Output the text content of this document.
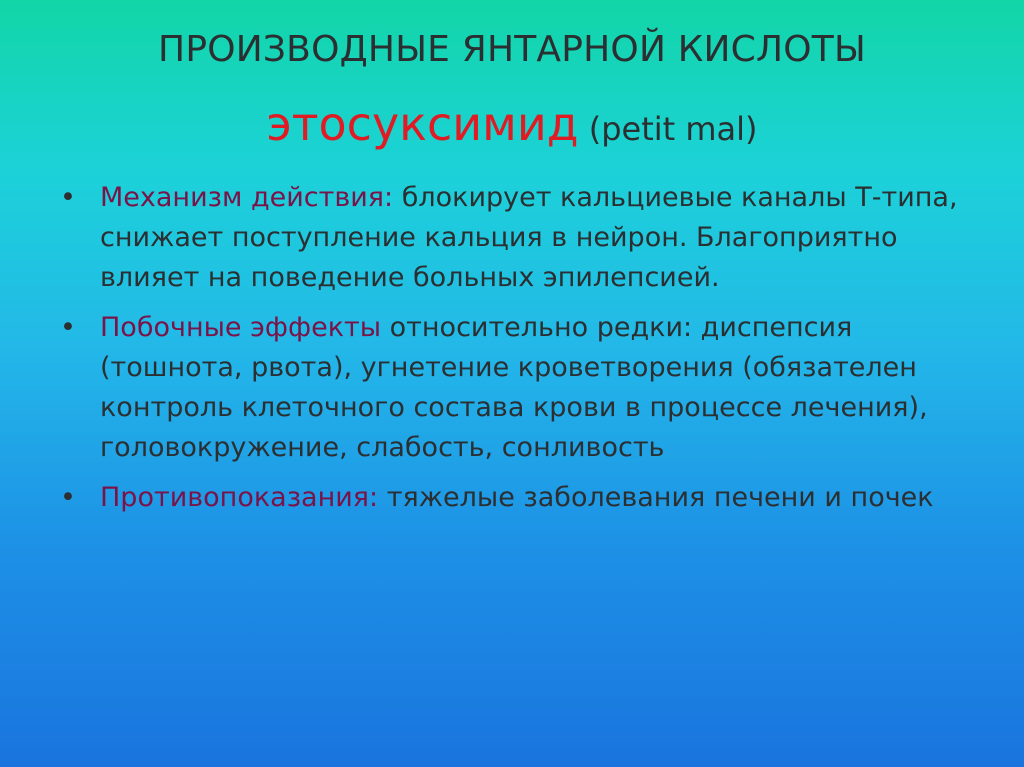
ПРОИЗВОДНЫЕ ЯНТАРНОЙ КИСЛОТЫ
этосуксимид (petit mal)
• Механизм действия: блокирует кальциевые каналы Т-типа, снижает поступление кальция в нейрон. Благоприятно влияет на поведение больных эпилепсией.
• Побочные эффекты относительно редки: диспепсия (тошнота, рвота), угнетение кроветворения (обязателен контроль клеточного состава крови в процессе лечения), головокружение, слабость, сонливость
• Противопоказания: тяжелые заболевания печени и почек
